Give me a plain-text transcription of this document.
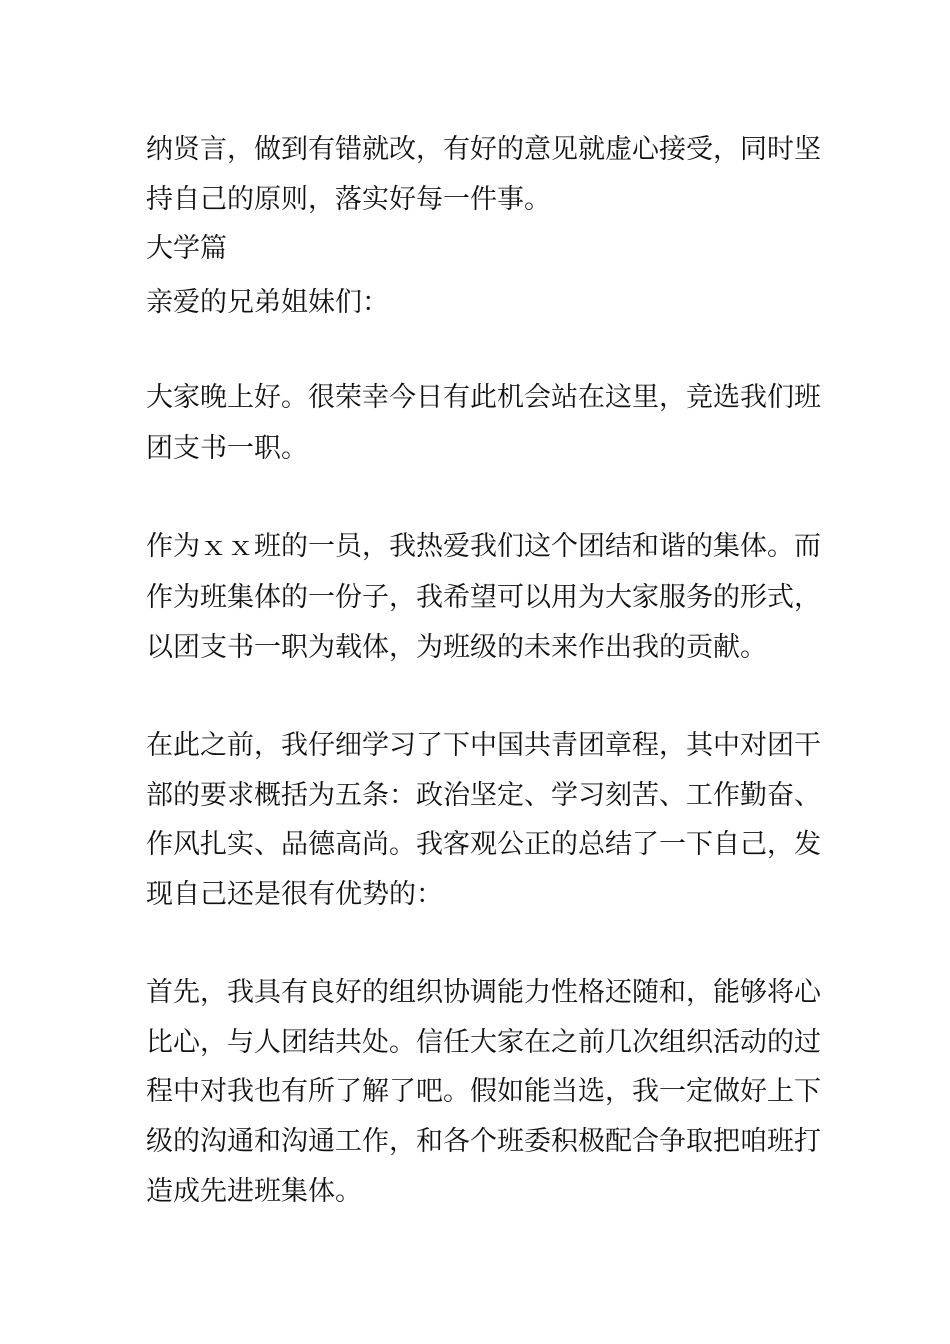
纳贤言，做到有错就改，有好的意见就虚心接受，同时坚
持自己的原则，落实好每一件事。
大学篇
亲爱的兄弟姐妹们：
大家晚上好。很荣幸今日有此机会站在这里，竞选我们班
团支书一职。
作为ｘｘ班的一员，我热爱我们这个团结和谐的集体。而
作为班集体的一份子，我希望可以用为大家服务的形式，
以团支书一职为载体，为班级的未来作出我的贡献。
在此之前，我仔细学习了下中国共青团章程，其中对团干
部的要求概括为五条：政治坚定、学习刻苦、工作勤奋、
作风扎实、品德高尚。我客观公正的总结了一下自己，发
现自己还是很有优势的：
首先，我具有良好的组织协调能力性格还随和，能够将心
比心，与人团结共处。信任大家在之前几次组织活动的过
程中对我也有所了解了吧。假如能当选，我一定做好上下
级的沟通和沟通工作，和各个班委积极配合争取把咱班打
造成先进班集体。
